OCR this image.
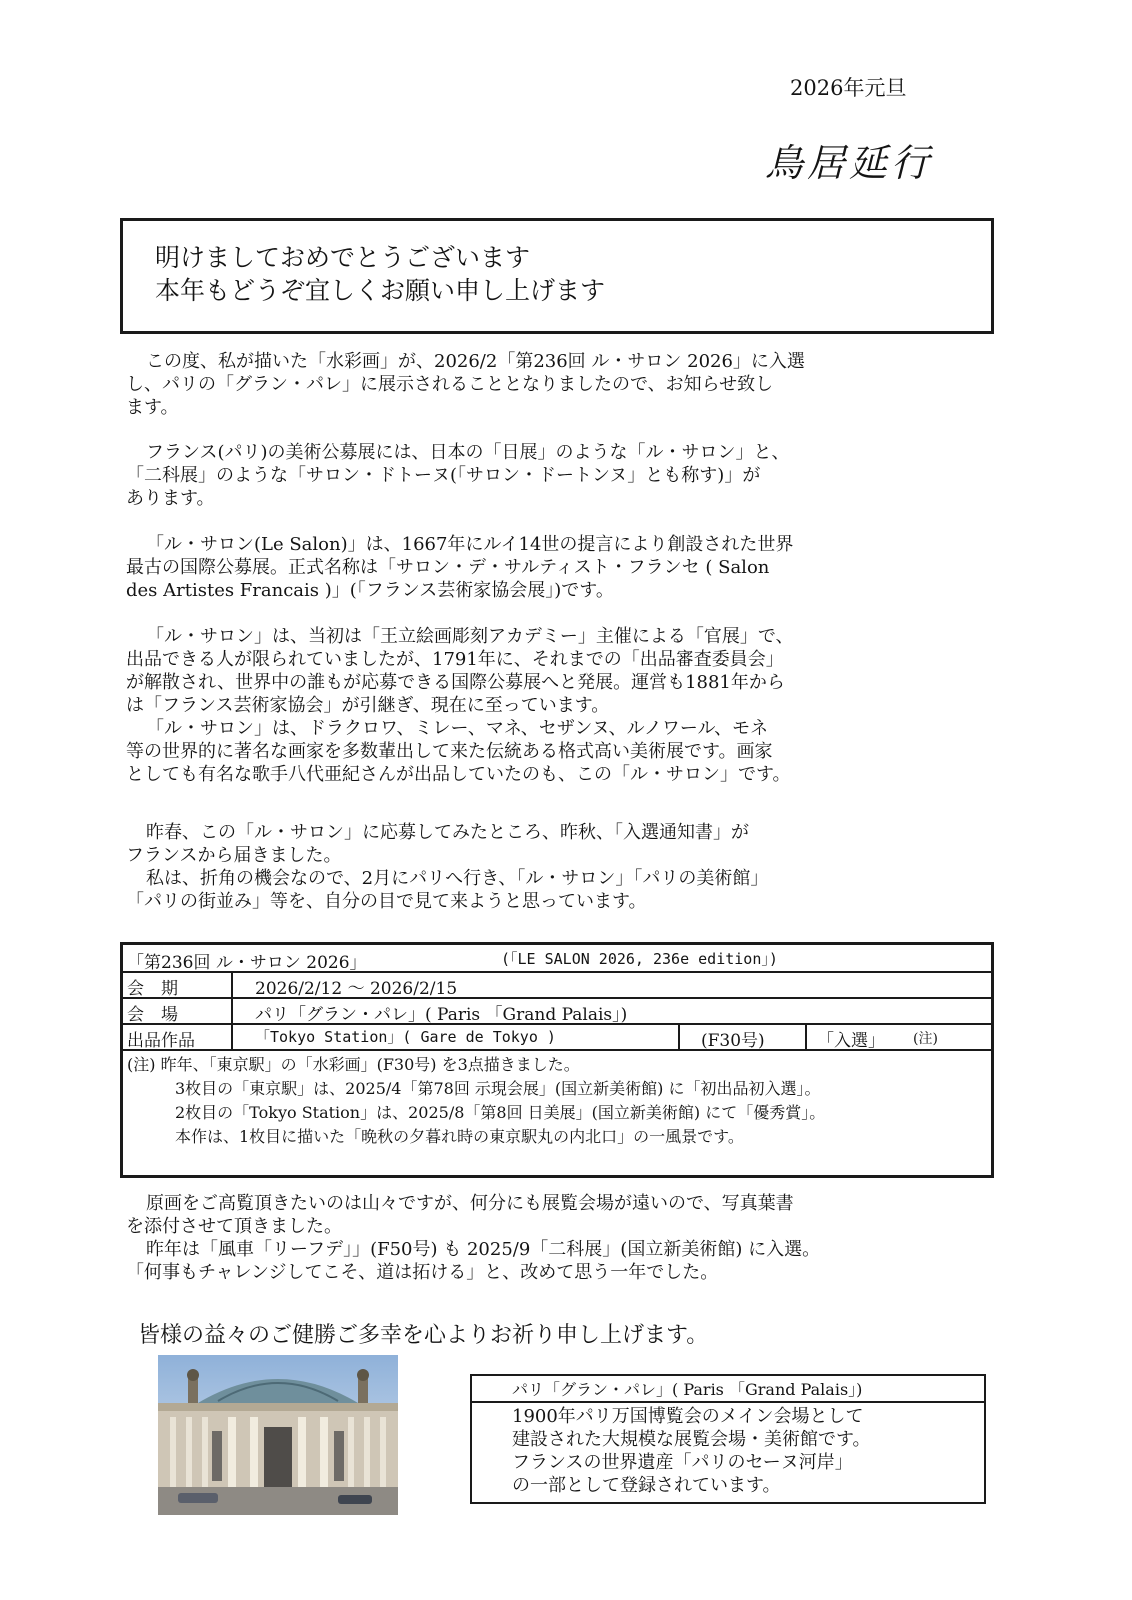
2026年元旦
鳥居延行
明けましておめでとうございます
本年もどうぞ宜しくお願い申し上げます

この度、私が描いた「水彩画」が、2026/2「第236回 ル・サロン 2026」に入選

し、パリの「グラン・パレ」に展示されることとなりましたので、お知らせ致し

ます。

フランス(パリ)の美術公募展には、日本の「日展」のような「ル・サロン」と、

「二科展」のような「サロン・ドトーヌ(「サロン・ドートンヌ」とも称す)」が

あります。

「ル・サロン(Le Salon)」は、1667年にルイ14世の提言により創設された世界

最古の国際公募展。正式名称は「サロン・デ・サルティスト・フランセ ( Salon

des Artistes Francais )」(「フランス芸術家協会展」)です。

「ル・サロン」は、当初は「王立絵画彫刻アカデミー」主催による「官展」で、

出品できる人が限られていましたが、1791年に、それまでの「出品審査委員会」

が解散され、世界中の誰もが応募できる国際公募展へと発展。運営も1881年から

は「フランス芸術家協会」が引継ぎ、現在に至っています。

「ル・サロン」は、ドラクロワ、ミレー、マネ、セザンヌ、ルノワール、モネ

等の世界的に著名な画家を多数輩出して来た伝統ある格式高い美術展です。画家

としても有名な歌手八代亜紀さんが出品していたのも、この「ル・サロン」です。

昨春、この「ル・サロン」に応募してみたところ、昨秋、「入選通知書」が

フランスから届きました。

私は、折角の機会なので、2月にパリへ行き、「ル・サロン」「パリの美術館」

「パリの街並み」等を、自分の目で見て来ようと思っています。

「第236回 ル・サロン 2026」	(「LE SALON 2026, 236e edition」)
会　期	2026/2/12 ～ 2026/2/15
会　場	パリ「グラン・パレ」( Paris 「Grand Palais」)
出品作品	「Tokyo Station」( Gare de Tokyo )	(F30号)	「入選」 (注)
(注) 昨年、「東京駅」の「水彩画」(F30号) を3点描きました。
3枚目の「東京駅」は、2025/4「第78回 示現会展」(国立新美術館) に「初出品初入選」。
2枚目の「Tokyo Station」は、2025/8「第8回 日美展」(国立新美術館) にて「優秀賞」。
本作は、1枚目に描いた「晩秋の夕暮れ時の東京駅丸の内北口」の一風景です。

原画をご高覧頂きたいのは山々ですが、何分にも展覧会場が遠いので、写真葉書

を添付させて頂きました。

昨年は「風車「リーフデ」」(F50号) も 2025/9「二科展」(国立新美術館) に入選。

「何事もチャレンジしてこそ、道は拓ける」と、改めて思う一年でした。

皆様の益々のご健勝ご多幸を心よりお祈り申し上げます。
パリ「グラン・パレ」( Paris 「Grand Palais」)
1900年パリ万国博覧会のメイン会場として
建設された大規模な展覧会場・美術館です。
フランスの世界遺産「パリのセーヌ河岸」
の一部として登録されています。
